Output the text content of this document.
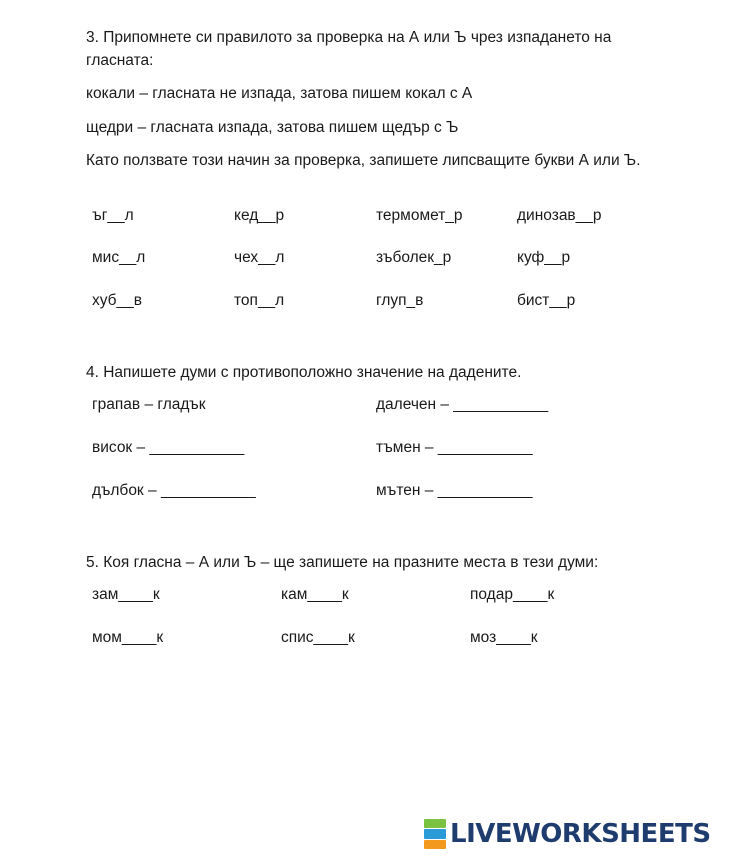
3. Припомнете си правилото за проверка на А или Ъ чрез изпадането на гласната:

кокали – гласната не изпада, затова пишем кокал с А

щедри – гласната изпада, затова пишем щедър с Ъ

Като ползвате този начин за проверка, запишете липсващите букви А или Ъ.

ъг__л	кед__р	термомет_р	динозав__р
мис__л	чех__л	зъболек_р	куф__р
хуб__в	топ__л	глуп_в	бист__р

4. Напишете думи с противоположно значение на дадените.

грапав – гладък	далечен – ___________
висок – ___________	тъмен – ___________
дълбок – ___________	мътен – ___________

5. Коя гласна – А или Ъ – ще запишете на празните места в тези думи:

зам____к	кам____к	подар____к
мом____к	спис____к	моз____к
LIVEWORKSHEETS
